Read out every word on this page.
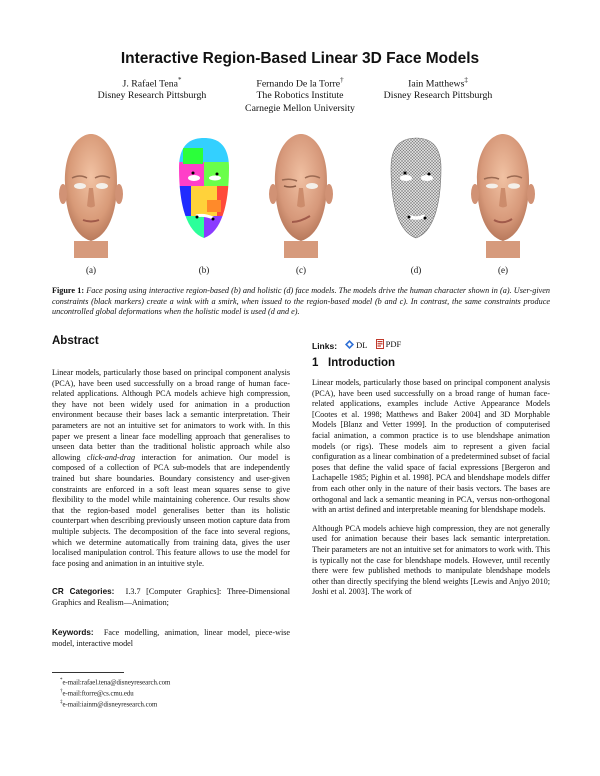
Interactive Region-Based Linear 3D Face Models
J. Rafael Tena*
Disney Research Pittsburgh
Fernando De la Torre†
The Robotics Institute
Carnegie Mellon University
Iain Matthews‡
Disney Research Pittsburgh
(a)	(b)	(c)	(d)	(e)
Figure 1: Face posing using interactive region-based (b) and holistic (d) face models. The models drive the human character shown in (a). User-given constraints (black markers) create a wink with a smirk, when issued to the region-based model (b and c). In contrast, the same constraints produce uncontrolled global deformations when the holistic model is used (d and e).
Abstract

Linear models, particularly those based on principal component analysis (PCA), have been used successfully on a broad range of human face-related applications. Although PCA models achieve high compression, they have not been widely used for animation in a production environment because their bases lack a semantic interpretation. Their parameters are not an intuitive set for animators to work with. In this paper we present a linear face modelling approach that generalises to unseen data better than the traditional holistic approach while also allowing click-and-drag interaction for animation. Our model is composed of a collection of PCA sub-models that are independently trained but share boundaries. Boundary consistency and user-given constraints are enforced in a soft least mean squares sense to give flexibility to the model while maintaining coherence. Our results show that the region-based model generalises better than its holistic counterpart when describing previously unseen motion capture data from multiple subjects. The decomposition of the face into several regions, which we determine automatically from training data, gives the user localised manipulation control. This feature allows to use the model for face posing and animation in an intuitive style.

CR Categories: I.3.7 [Computer Graphics]: Three-Dimensional Graphics and Realism—Animation;

Keywords: Face modelling, animation, linear model, piece-wise model, interactive model

*e-mail:rafael.tena@disneyresearch.com
†e-mail:ftorre@cs.cmu.edu
‡e-mail:iainm@disneyresearch.com
Links: DL
PDF
1 Introduction

Linear models, particularly those based on principal component analysis (PCA), have been used successfully on a broad range of human face-related applications, examples include Active Appearance Models [Cootes et al. 1998; Matthews and Baker 2004] and 3D Morphable Models [Blanz and Vetter 1999]. In the production of computerised facial animation, a common practice is to use blendshape animation models (or rigs). These models aim to represent a given facial configuration as a linear combination of a predetermined subset of facial poses that define the valid space of facial expressions [Bergeron and Lachapelle 1985; Pighin et al. 1998]. PCA and blendshape models differ from each other only in the nature of their basis vectors. The bases are orthogonal and lack a semantic meaning in PCA, versus non-orthogonal with an artist defined and interpretable meaning for blendshape models.

Although PCA models achieve high compression, they are not generally used for animation because their bases lack semantic interpretation. Their parameters are not an intuitive set for animators to work with. This is typically not the case for blendshape models. However, until recently there were few published methods to manipulate blendshape models other than directly specifying the blend weights [Lewis and Anjyo 2010; Joshi et al. 2003]. The work of
